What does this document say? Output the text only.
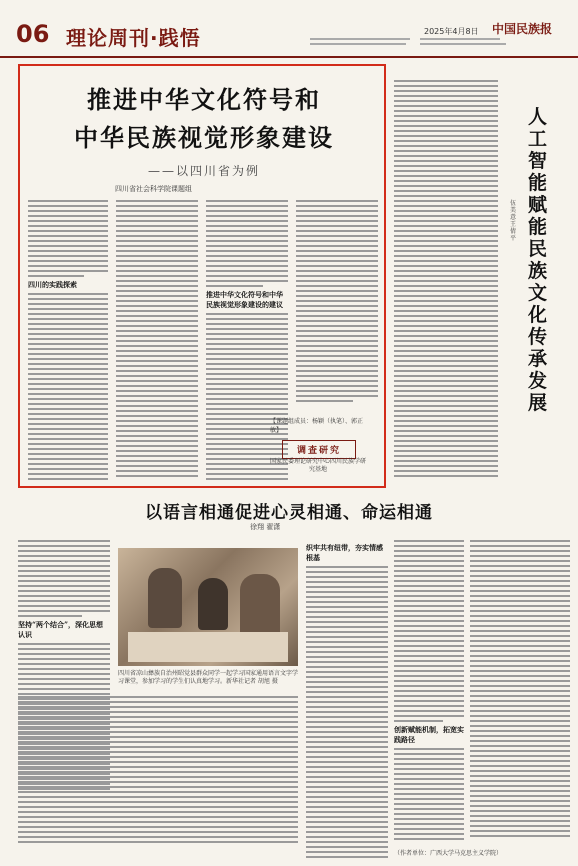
06 理论周刊·践悟	2025年4月8日 中国民族报
推进中华文化符号和
中华民族视觉形象建设
——以四川省为例
四川省社会科学院课题组
四川的实践探索
推进中华文化符号和中华民族视觉形象建设的建议
【课题组成员：杨颖（执笔）、郭正敏】
调查研究
国家民委理论研究中心四川民族学研究基地
人工智能赋能民族文化传承发展
伍美意 王倩平
（作者单位：广西大学马克思主义学院）
以语言相通促进心灵相通、命运相通
徐翔 翟潇
坚持“两个结合”，深化思想认识
四川省凉山彝族自治州昭觉县群众同学一起学习国家通用语言文字学习课堂，参加学习的学生们认真地学习。新华社记者 胡旭 摄
织牢共有纽带，夯实情感根基
创新赋能机制，拓宽实践路径
